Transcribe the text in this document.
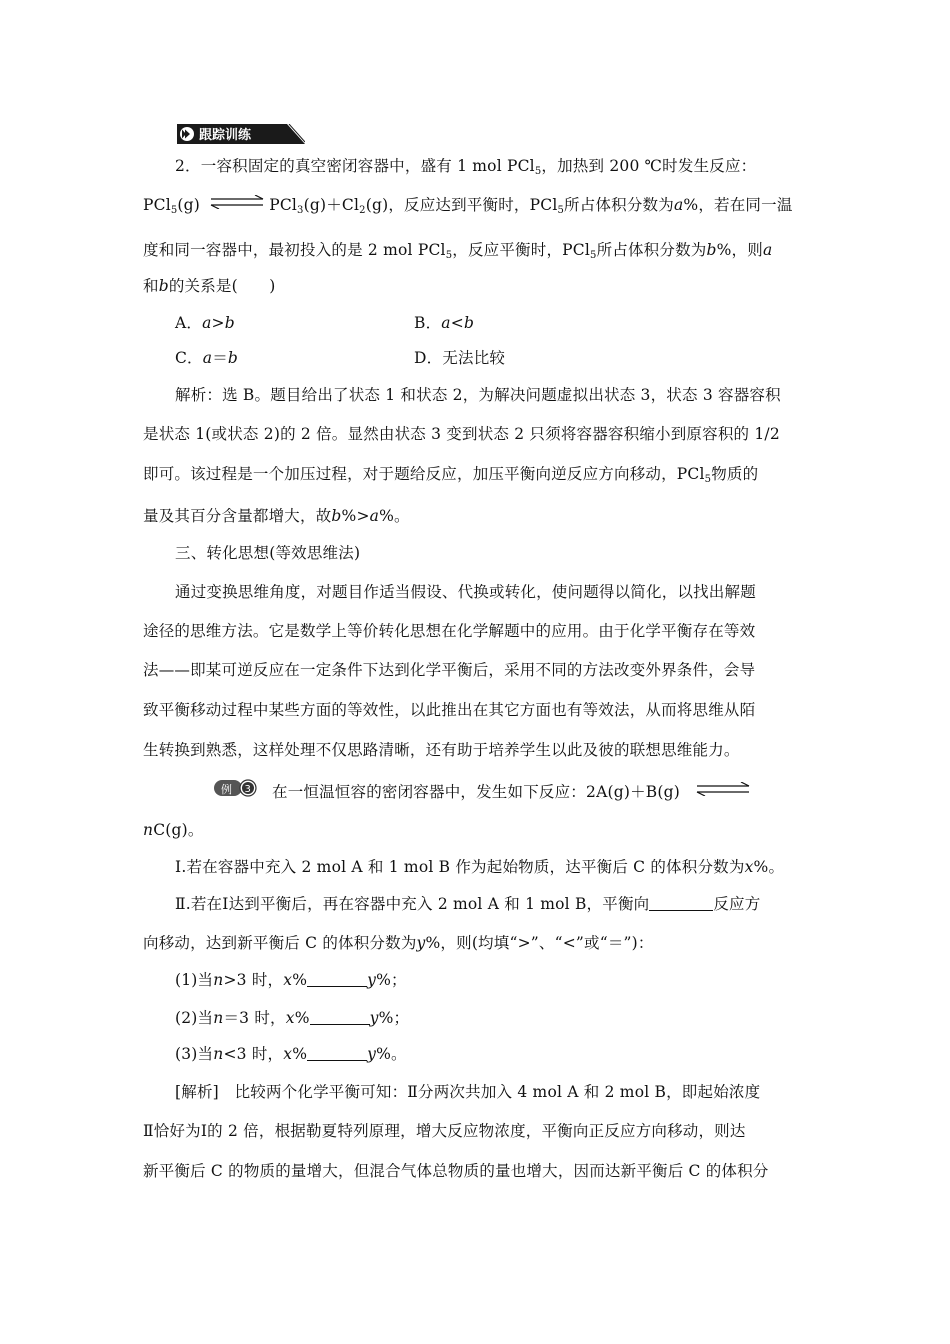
跟踪训练
2．一容积固定的真空密闭容器中，盛有 1 mol PCl$_5$，加热到 200 ℃时发生反应：
PCl$_5$(g) ⇌ $PCl_3(g)+Cl_2(g)$，反应达到平衡时，PCl$_5$所占体积分数为a%，若在同一温
度和同一容器中，最初投入的是 2 mol PCl$_5$，反应平衡时，PCl$_5$所占体积分数为b%，则a
和b的关系是(　　)
A．a>b	B．a<b
C．a＝b	D．无法比较
解析：选 B。题目给出了状态 1 和状态 2，为解决问题虚拟出状态 3，状态 3 容器容积
是状态 1(或状态 2)的 2 倍。显然由状态 3 变到状态 2 只须将容器容积缩小到原容积的 1/2
即可。该过程是一个加压过程，对于题给反应，加压平衡向逆反应方向移动，PCl$_5$物质的
量及其百分含量都增大，故b%>a%。
三、转化思想(等效思维法)
通过变换思维角度，对题目作适当假设、代换或转化，使问题得以简化，以找出解题
途径的思维方法。它是数学上等价转化思想在化学解题中的应用。由于化学平衡存在等效
法——即某可逆反应在一定条件下达到化学平衡后，采用不同的方法改变外界条件，会导
致平衡移动过程中某些方面的等效性，以此推出在其它方面也有等效法，从而将思维从陌
生转换到熟悉，这样处理不仅思路清晰，还有助于培养学生以此及彼的联想思维能力。
例 3 在一恒温恒容的密闭容器中，发生如下反应：2A(g)＋B(g) ⇌
nC(g)。
Ⅰ.若在容器中充入 2 mol A 和 1 mol B 作为起始物质，达平衡后 C 的体积分数为x%。
Ⅱ.若在Ⅰ达到平衡后，再在容器中充入 2 mol A 和 1 mol B，平衡向	反应方
向移动，达到新平衡后 C 的体积分数为y%，则(均填“>”、“<”或“＝”)：
(1)当n>3 时，x%	y%；
(2)当n＝3 时，x%	y%；
(3)当n<3 时，x%	y%。
[解析]　比较两个化学平衡可知：Ⅱ分两次共加入 4 mol A 和 2 mol B，即起始浓度
Ⅱ恰好为Ⅰ的 2 倍，根据勒夏特列原理，增大反应物浓度，平衡向正反应方向移动，则达
新平衡后 C 的物质的量增大，但混合气体总物质的量也增大，因而达新平衡后 C 的体积分
